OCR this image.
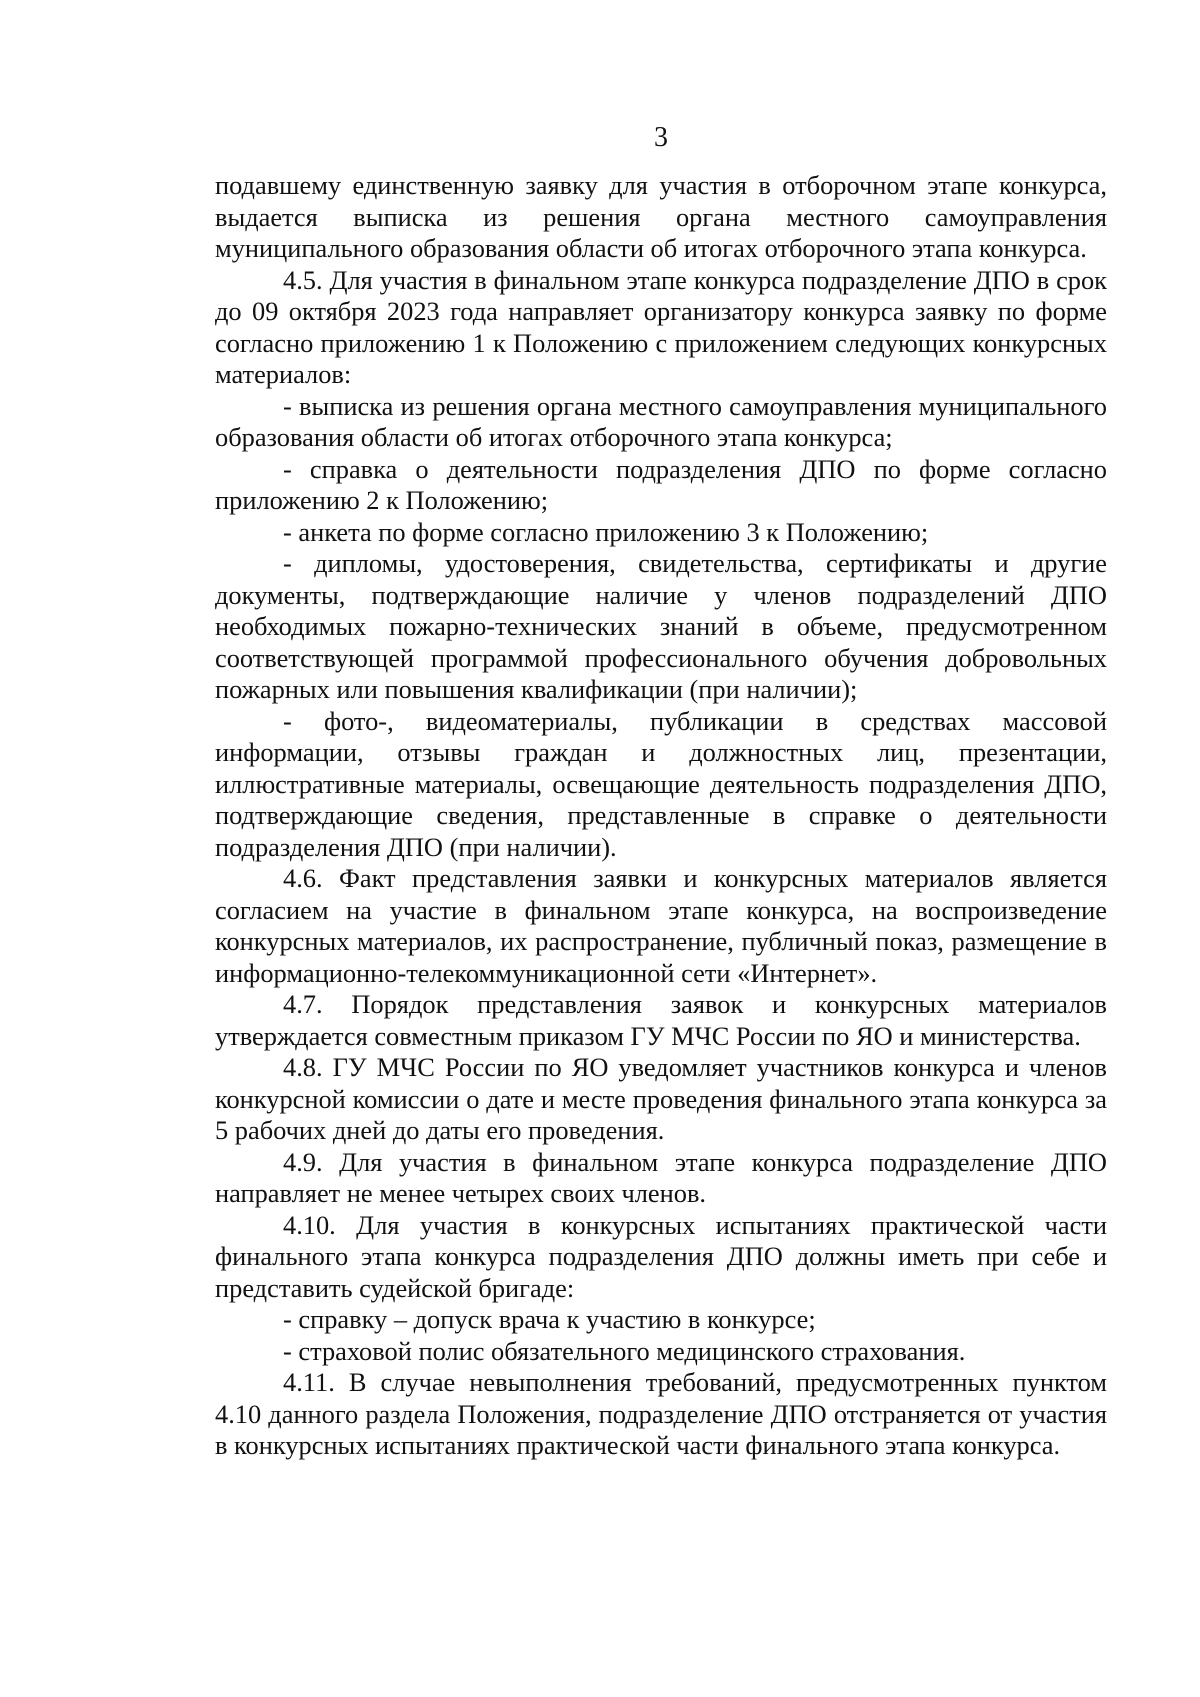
3

подавшему единственную заявку для участия в отборочном этапе конкурса, выдается выписка из решения органа местного самоуправления муниципального образования области об итогах отборочного этапа конкурса.

4.5. Для участия в финальном этапе конкурса подразделение ДПО в срок до 09 октября 2023 года направляет организатору конкурса заявку по форме согласно приложению 1 к Положению с приложением следующих конкурсных материалов:

- выписка из решения органа местного самоуправления муниципального образования области об итогах отборочного этапа конкурса;

- справка о деятельности подразделения ДПО по форме согласно приложению 2 к Положению;

- анкета по форме согласно приложению 3 к Положению;

- дипломы, удостоверения, свидетельства, сертификаты и другие документы, подтверждающие наличие у членов подразделений ДПО необходимых пожарно-технических знаний в объеме, предусмотренном соответствующей программой профессионального обучения добровольных пожарных или повышения квалификации (при наличии);

- фото-, видеоматериалы, публикации в средствах массовой информации, отзывы граждан и должностных лиц, презентации, иллюстративные материалы, освещающие деятельность подразделения ДПО, подтверждающие сведения, представленные в справке о деятельности подразделения ДПО (при наличии).

4.6. Факт представления заявки и конкурсных материалов является согласием на участие в финальном этапе конкурса, на воспроизведение конкурсных материалов, их распространение, публичный показ, размещение в информационно-телекоммуникационной сети «Интернет».

4.7. Порядок представления заявок и конкурсных материалов утверждается совместным приказом ГУ МЧС России по ЯО и министерства.

4.8. ГУ МЧС России по ЯО уведомляет участников конкурса и членов конкурсной комиссии о дате и месте проведения финального этапа конкурса за 5 рабочих дней до даты его проведения.

4.9. Для участия в финальном этапе конкурса подразделение ДПО направляет не менее четырех своих членов.

4.10. Для участия в конкурсных испытаниях практической части финального этапа конкурса подразделения ДПО должны иметь при себе и представить судейской бригаде:

- справку – допуск врача к участию в конкурсе;

- страховой полис обязательного медицинского страхования.

4.11. В случае невыполнения требований, предусмотренных пунктом 4.10 данного раздела Положения, подразделение ДПО отстраняется от участия в конкурсных испытаниях практической части финального этапа конкурса.
